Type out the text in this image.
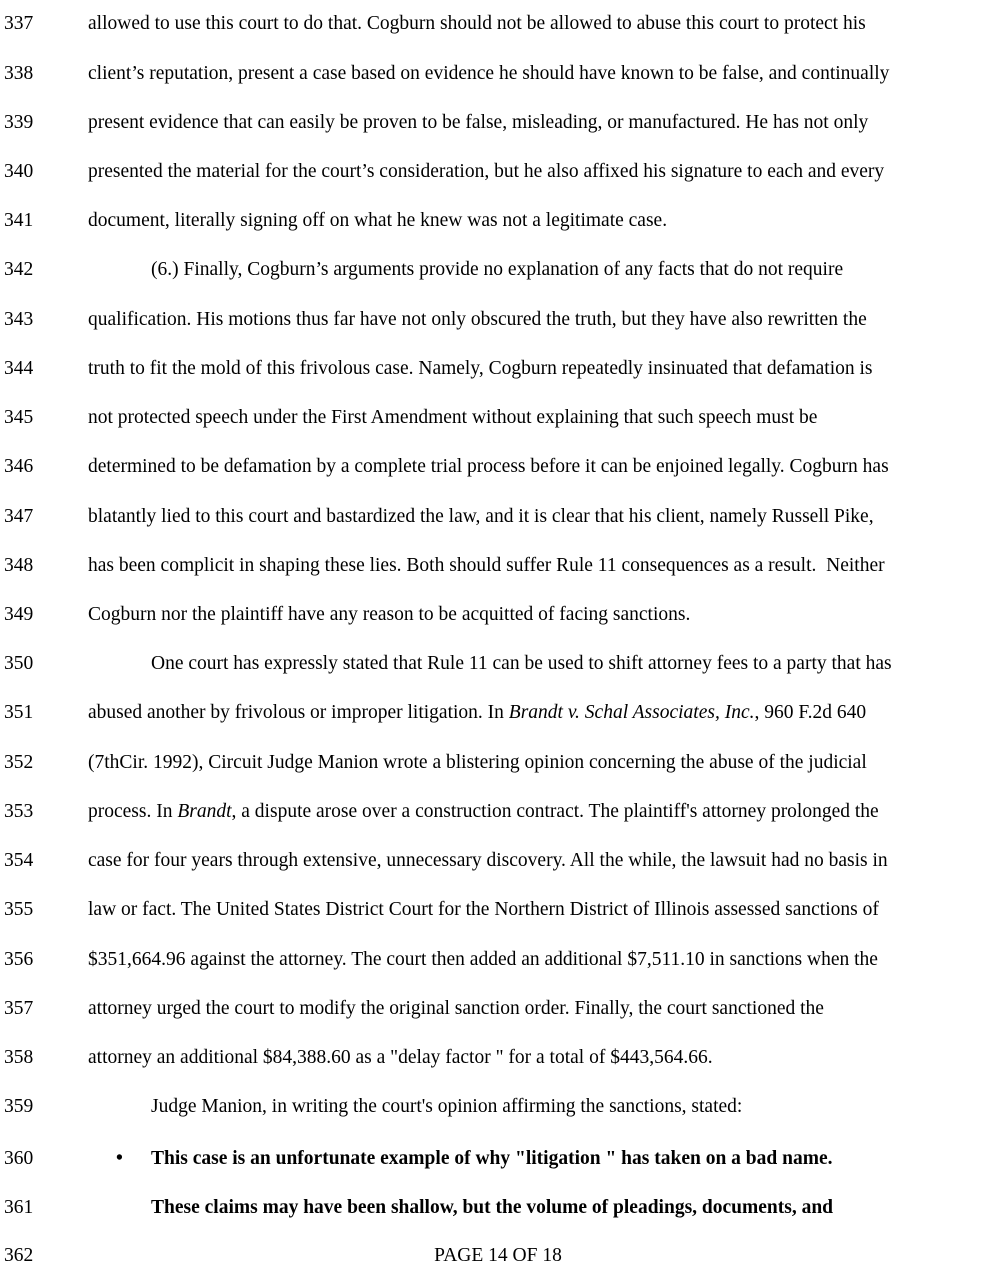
337	allowed to use this court to do that. Cogburn should not be allowed to abuse this court to protect his
338	client’s reputation, present a case based on evidence he should have known to be false, and continually
339	present evidence that can easily be proven to be false, misleading, or manufactured. He has not only
340	presented the material for the court’s consideration, but he also affixed his signature to each and every
341	document, literally signing off on what he knew was not a legitimate case.
342	(6.) Finally, Cogburn’s arguments provide no explanation of any facts that do not require
343	qualification. His motions thus far have not only obscured the truth, but they have also rewritten the
344	truth to fit the mold of this frivolous case. Namely, Cogburn repeatedly insinuated that defamation is
345	not protected speech under the First Amendment without explaining that such speech must be
346	determined to be defamation by a complete trial process before it can be enjoined legally. Cogburn has
347	blatantly lied to this court and bastardized the law, and it is clear that his client, namely Russell Pike,
348	has been complicit in shaping these lies. Both should suffer Rule 11 consequences as a result.  Neither
349	Cogburn nor the plaintiff have any reason to be acquitted of facing sanctions.
350	One court has expressly stated that Rule 11 can be used to shift attorney fees to a party that has
351	abused another by frivolous or improper litigation. In Brandt v. Schal Associates, Inc., 960 F.2d 640
352	(7thCir. 1992), Circuit Judge Manion wrote a blistering opinion concerning the abuse of the judicial
353	process. In Brandt, a dispute arose over a construction contract. The plaintiff's attorney prolonged the
354	case for four years through extensive, unnecessary discovery. All the while, the lawsuit had no basis in
355	law or fact. The United States District Court for the Northern District of Illinois assessed sanctions of
356	$351,664.96 against the attorney. The court then added an additional $7,511.10 in sanctions when the
357	attorney urged the court to modify the original sanction order. Finally, the court sanctioned the
358	attorney an additional $84,388.60 as a "delay factor " for a total of $443,564.66.
359	Judge Manion, in writing the court's opinion affirming the sanctions, stated:
360	• This case is an unfortunate example of why "litigation " has taken on a bad name.
361	These claims may have been shallow, but the volume of pleadings, documents, and
362	PAGE 14 OF 18
